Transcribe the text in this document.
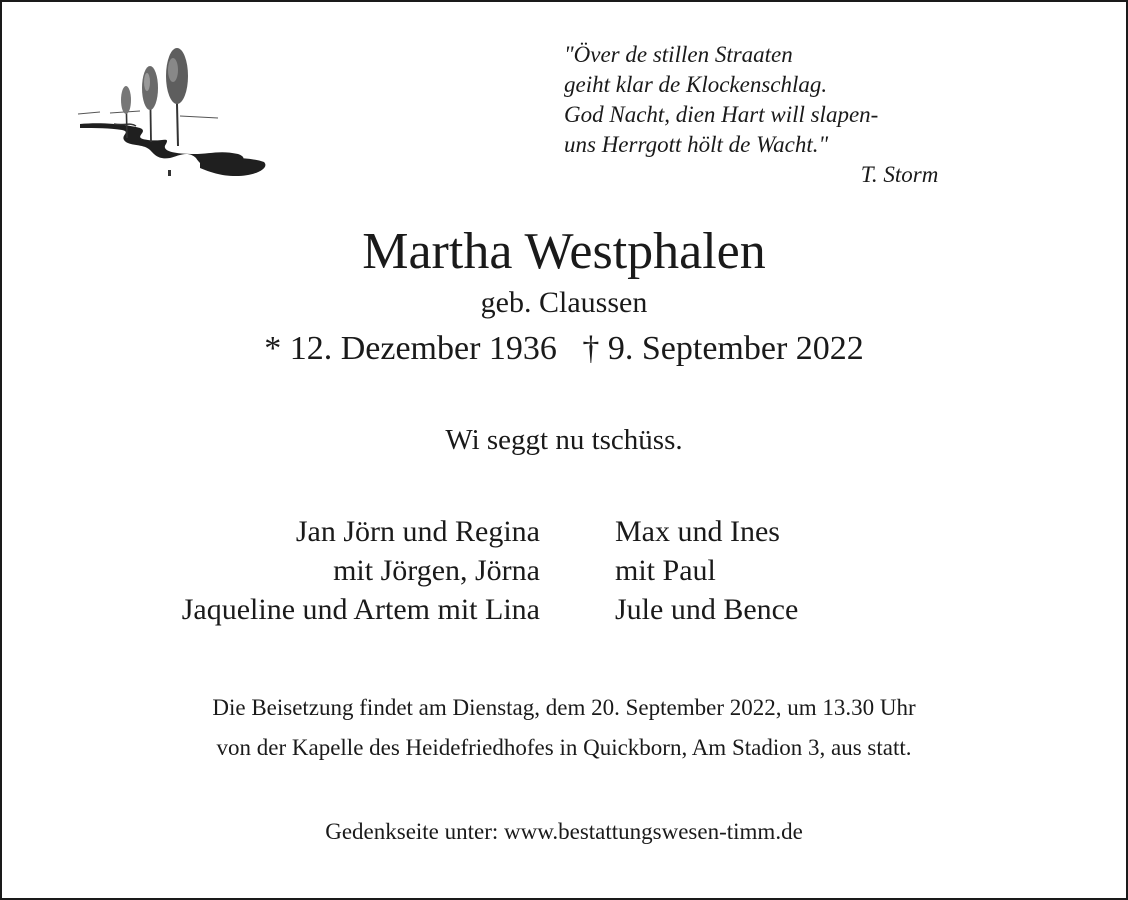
"Över de stillen Straaten
geiht klar de Klockenschlag.
God Nacht, dien Hart will slapen-
uns Herrgott hölt de Wacht."
T. Storm
Martha Westphalen
geb. Claussen
* 12. Dezember 1936   † 9. September 2022
Wi seggt nu tschüss.
Jan Jörn und Regina
mit Jörgen, Jörna
Jaqueline und Artem mit Lina
Max und Ines
mit Paul
Jule und Bence
Die Beisetzung findet am Dienstag, dem 20. September 2022, um 13.30 Uhr
von der Kapelle des Heidefriedhofes in Quickborn, Am Stadion 3, aus statt.
Gedenkseite unter: www.bestattungswesen-timm.de
